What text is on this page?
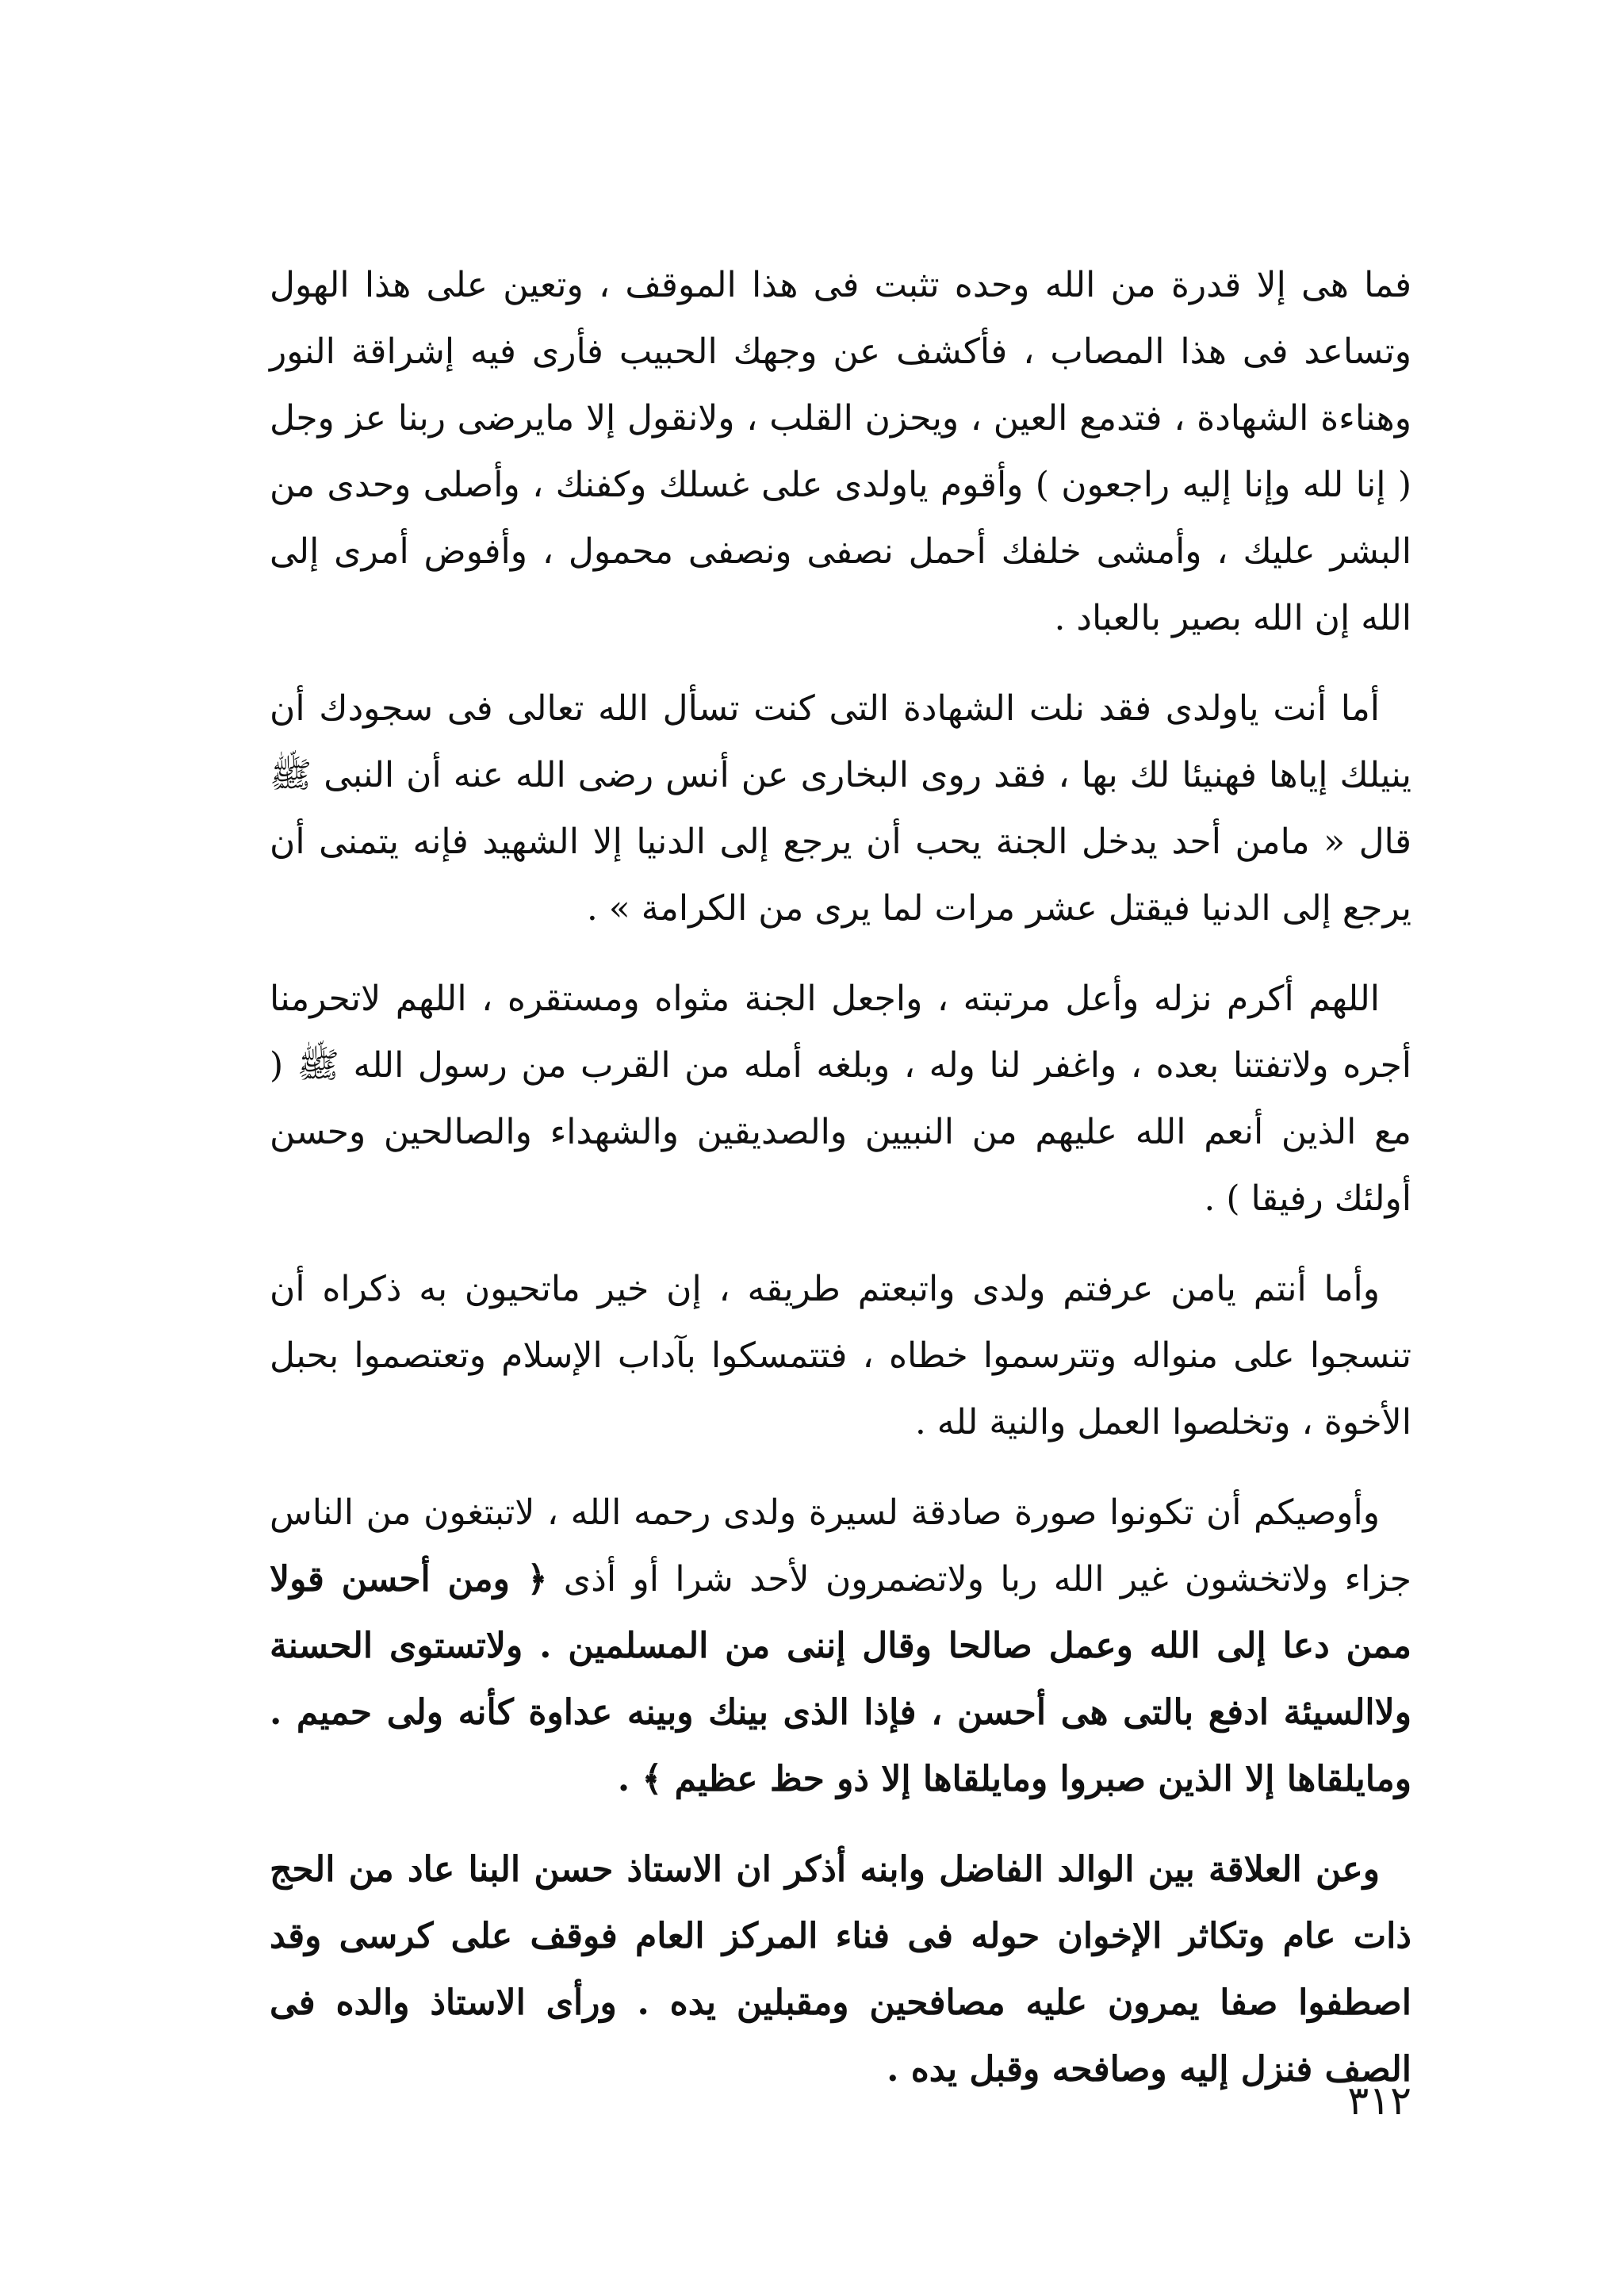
فما هى إلا قدرة من الله وحده تثبت فى هذا الموقف ، وتعين على هذا الهول وتساعد فى هذا المصاب ، فأكشف عن وجهك الحبيب فأرى فيه إشراقة النور وهناءة الشهادة ، فتدمع العين ، ويحزن القلب ، ولانقول إلا مايرضى ربنا عز وجل ( إنا لله وإنا إليه راجعون ) وأقوم ياولدى على غسلك وكفنك ، وأصلى وحدى من البشر عليك ، وأمشى خلفك أحمل نصفى ونصفى محمول ، وأفوض أمرى إلى الله إن الله بصير بالعباد .

أما أنت ياولدى فقد نلت الشهادة التى كنت تسأل الله تعالى فى سجودك أن ينيلك إياها فهنيئا لك بها ، فقد روى البخارى عن أنس رضى الله عنه أن النبى ﷺ قال « مامن أحد يدخل الجنة يحب أن يرجع إلى الدنيا إلا الشهيد فإنه يتمنى أن يرجع إلى الدنيا فيقتل عشر مرات لما يرى من الكرامة » .

اللهم أكرم نزله وأعل مرتبته ، واجعل الجنة مثواه ومستقره ، اللهم لاتحرمنا أجره ولاتفتنا بعده ، واغفر لنا وله ، وبلغه أمله من القرب من رسول الله ﷺ ( مع الذين أنعم الله عليهم من النبيين والصديقين والشهداء والصالحين وحسن أولئك رفيقا ) .

وأما أنتم يامن عرفتم ولدى واتبعتم طريقه ، إن خير ماتحيون به ذكراه أن تنسجوا على منواله وتترسموا خطاه ، فتتمسكوا بآداب الإسلام وتعتصموا بحبل الأخوة ، وتخلصوا العمل والنية لله .

وأوصيكم أن تكونوا صورة صادقة لسيرة ولدى رحمه الله ، لاتبتغون من الناس جزاء ولاتخشون غير الله ربا ولاتضمرون لأحد شرا أو أذى ﴿ ومن أحسن قولا ممن دعا إلى الله وعمل صالحا وقال إننى من المسلمين . ولاتستوى الحسنة ولاالسيئة ادفع بالتى هى أحسن ، فإذا الذى بينك وبينه عداوة كأنه ولى حميم . ومايلقاها إلا الذين صبروا ومايلقاها إلا ذو حظ عظيم ﴾ .

وعن العلاقة بين الوالد الفاضل وابنه أذكر ان الاستاذ حسن البنا عاد من الحج ذات عام وتكاثر الإخوان حوله فى فناء المركز العام فوقف على كرسى وقد اصطفوا صفا يمرون عليه مصافحين ومقبلين يده . ورأى الاستاذ والده فى الصف فنزل إليه وصافحه وقبل يده .

٣١٢
